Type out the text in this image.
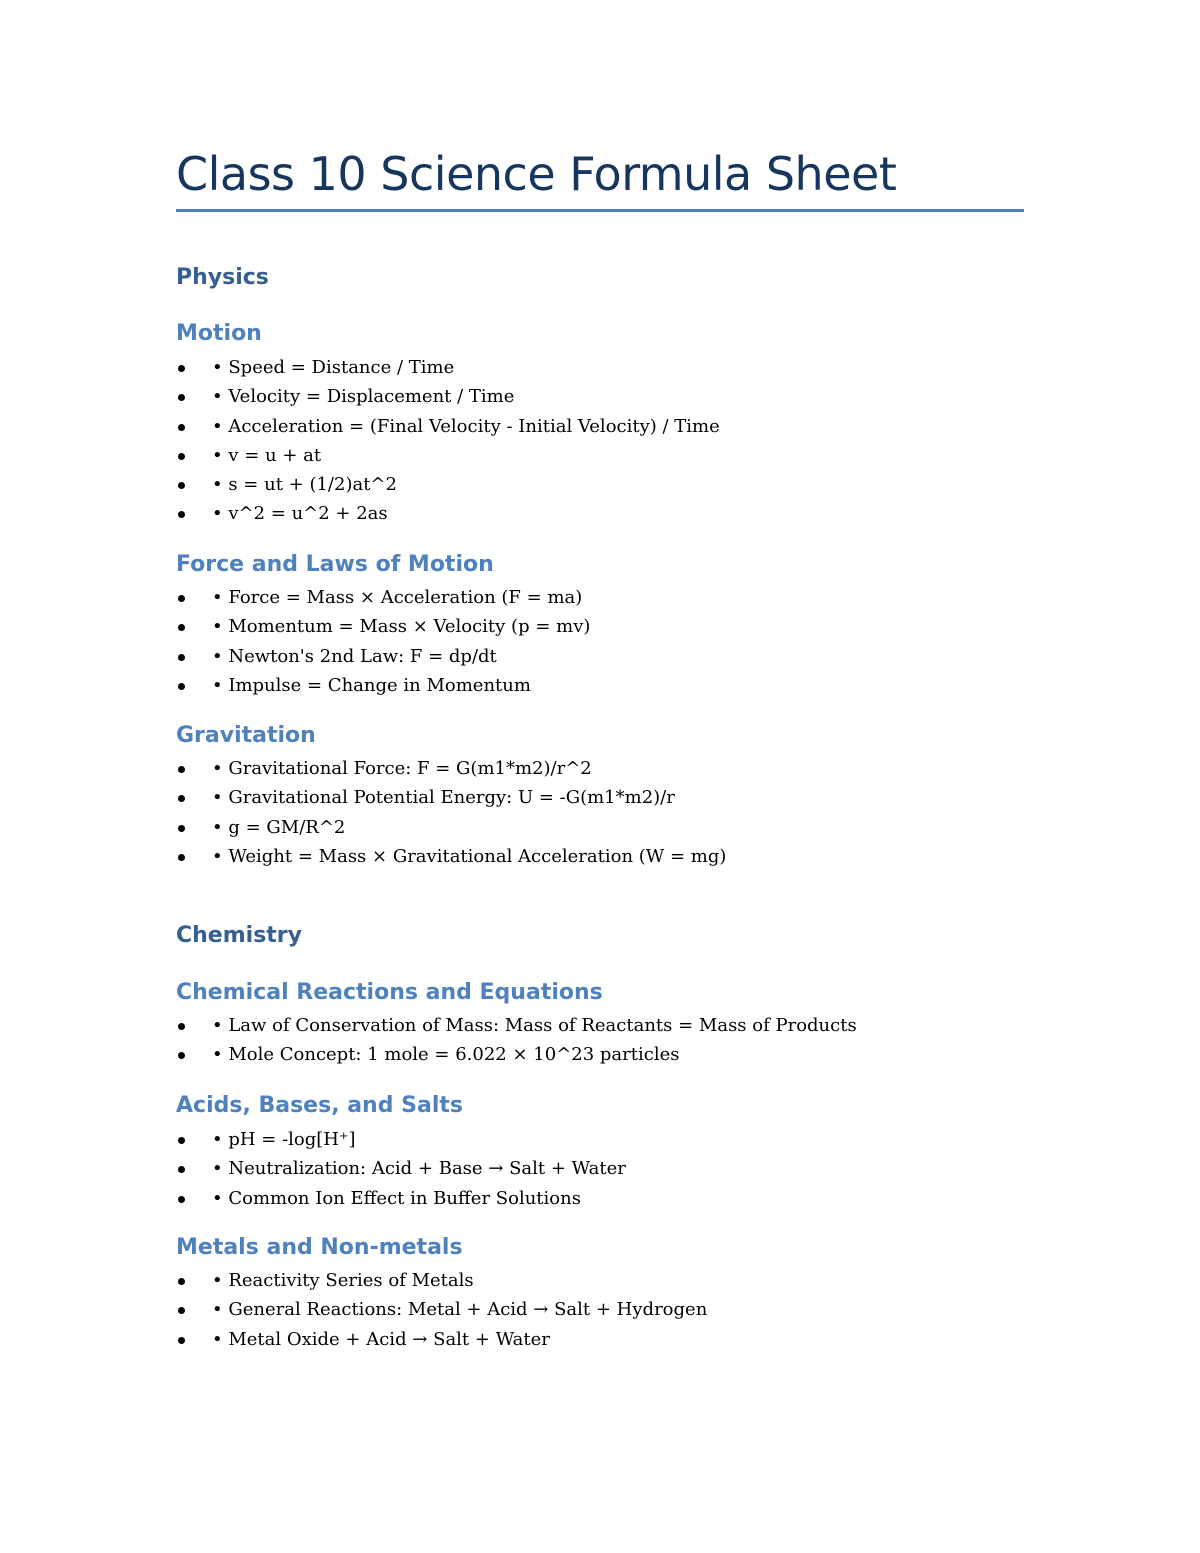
Class 10 Science Formula Sheet
Physics
Motion
• Speed = Distance / Time
• Velocity = Displacement / Time
• Acceleration = (Final Velocity - Initial Velocity) / Time
• v = u + at
• s = ut + (1/2)at^2
• v^2 = u^2 + 2as
Force and Laws of Motion
• Force = Mass × Acceleration (F = ma)
• Momentum = Mass × Velocity (p = mv)
• Newton's 2nd Law: F = dp/dt
• Impulse = Change in Momentum
Gravitation
• Gravitational Force: F = G(m1*m2)/r^2
• Gravitational Potential Energy: U = -G(m1*m2)/r
• g = GM/R^2
• Weight = Mass × Gravitational Acceleration (W = mg)
Chemistry
Chemical Reactions and Equations
• Law of Conservation of Mass: Mass of Reactants = Mass of Products
• Mole Concept: 1 mole = 6.022 × 10^23 particles
Acids, Bases, and Salts
• pH = -log[H⁺]
• Neutralization: Acid + Base → Salt + Water
• Common Ion Effect in Buffer Solutions
Metals and Non-metals
• Reactivity Series of Metals
• General Reactions: Metal + Acid → Salt + Hydrogen
• Metal Oxide + Acid → Salt + Water
